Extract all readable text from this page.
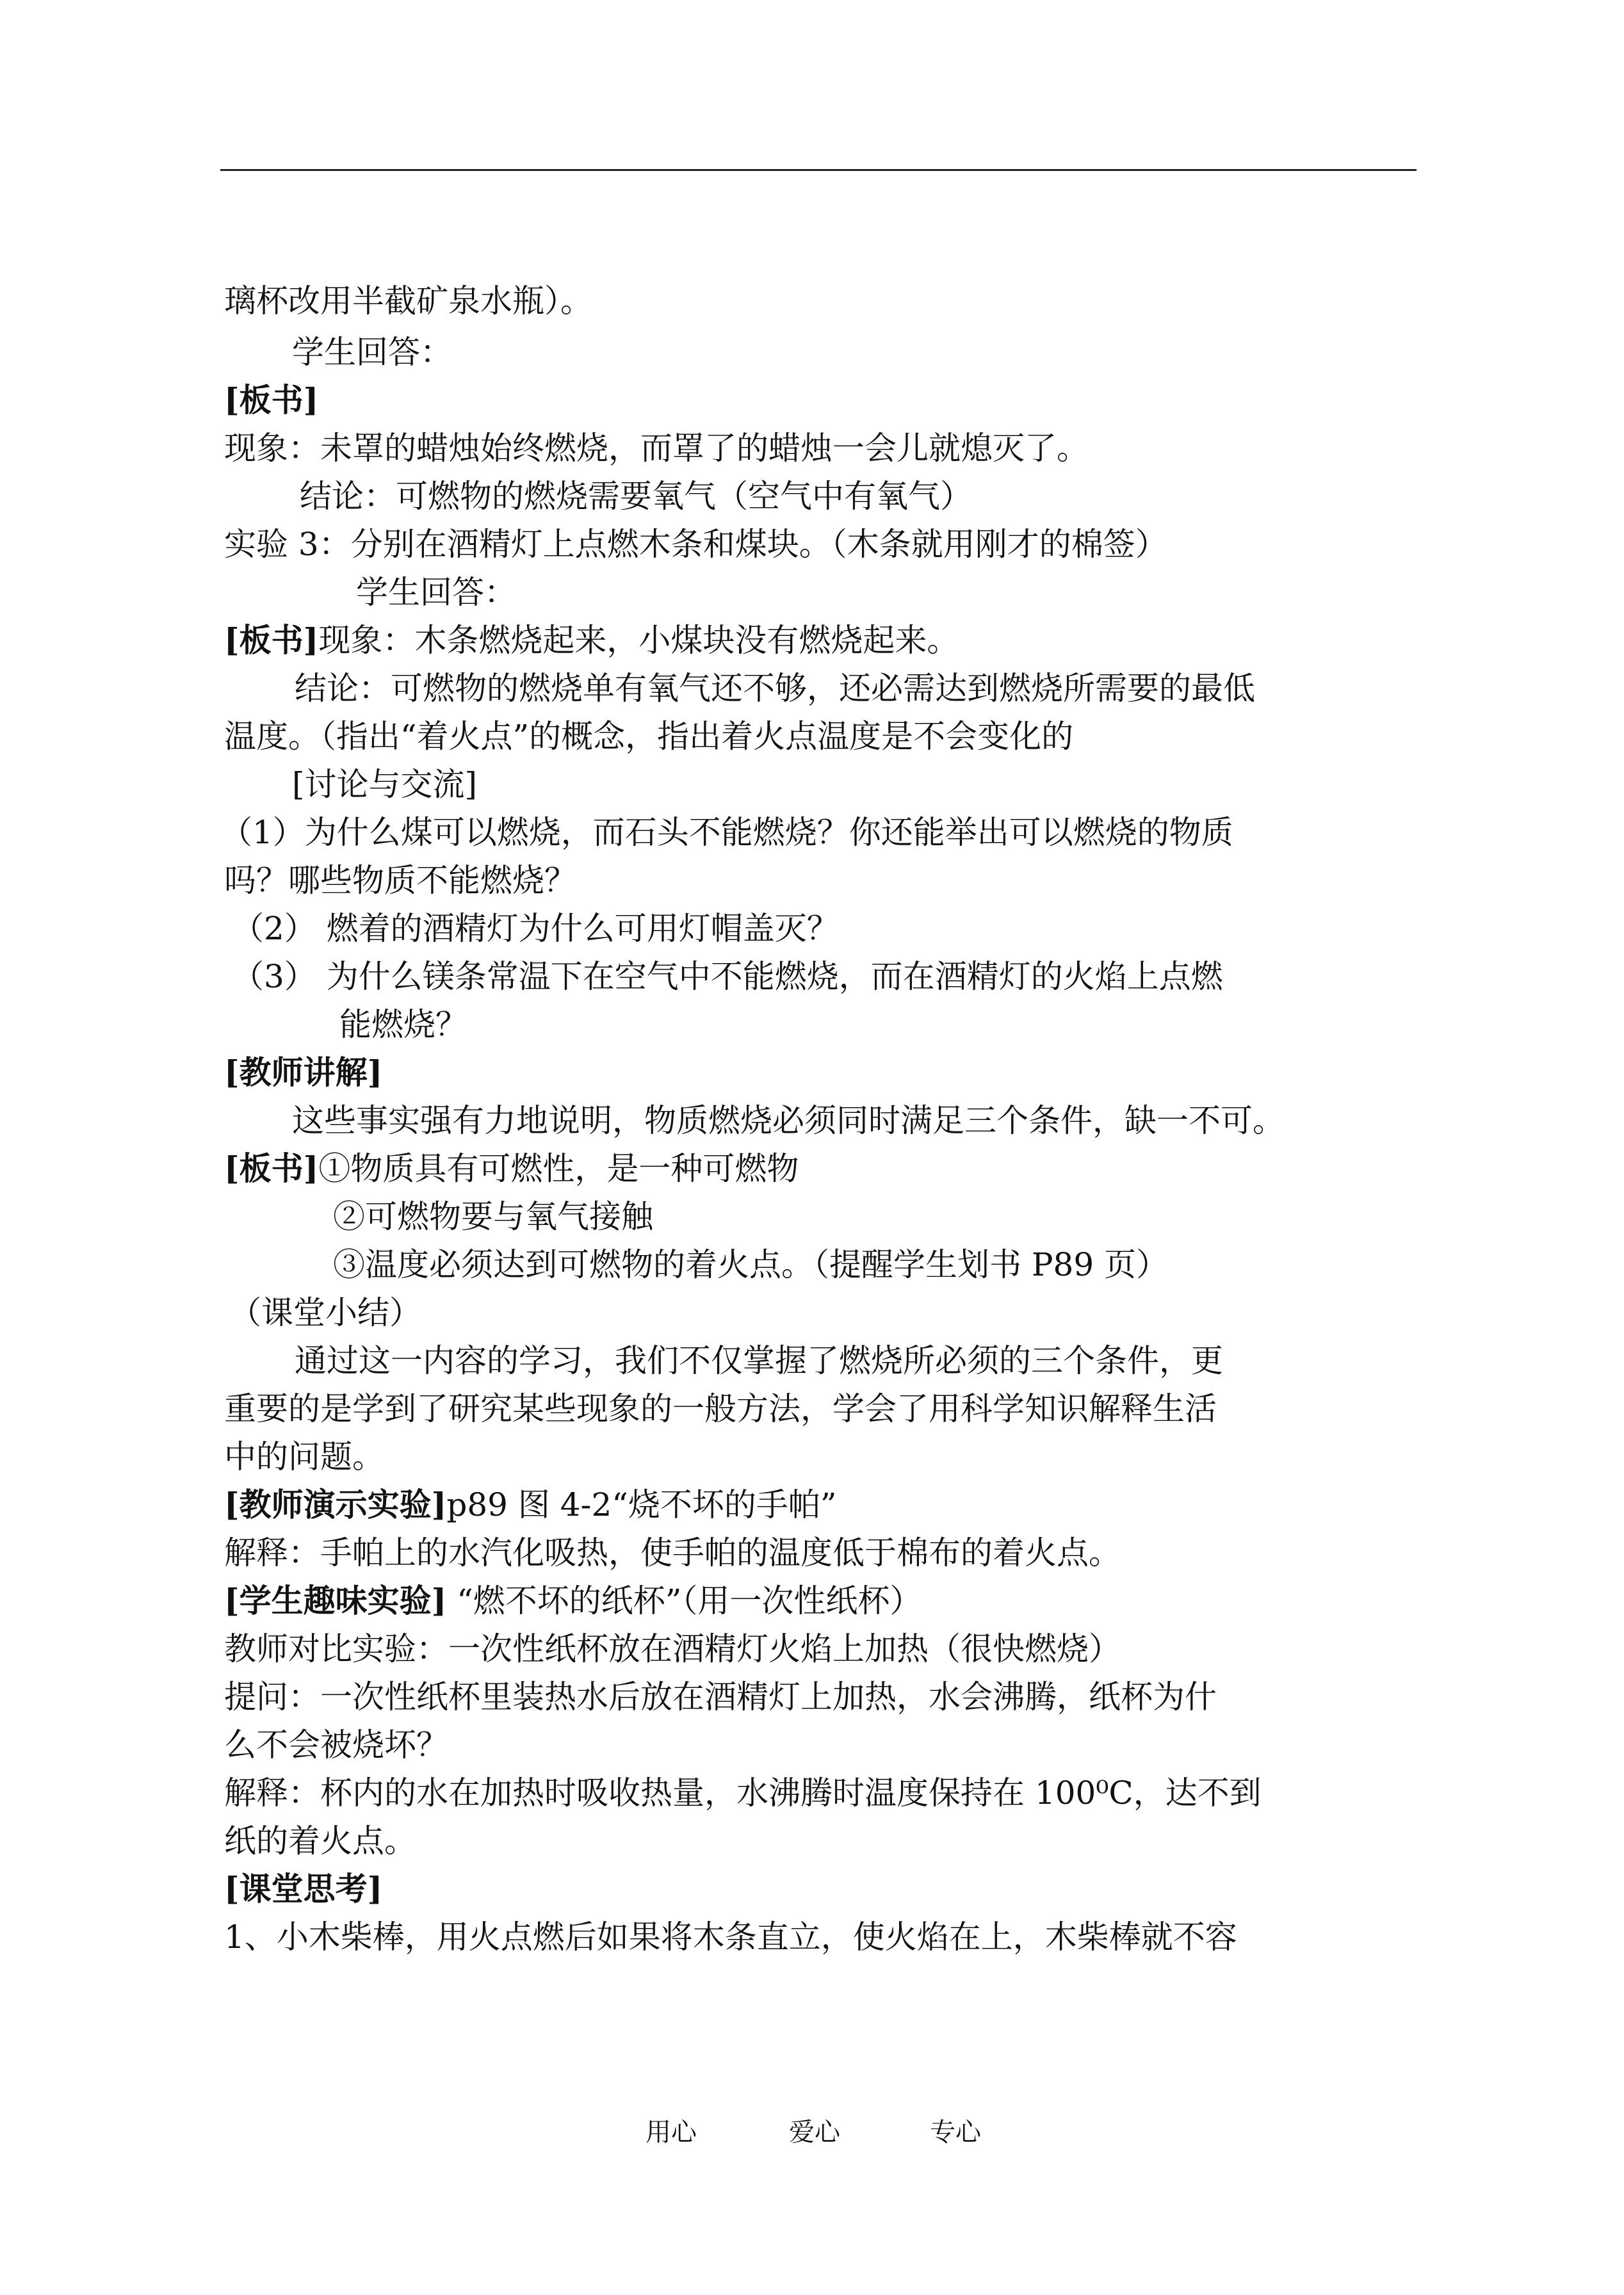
璃杯改用半截矿泉水瓶）。
学生回答：
[板书]
现象：未罩的蜡烛始终燃烧，而罩了的蜡烛一会儿就熄灭了。
结论：可燃物的燃烧需要氧气（空气中有氧气）
实验 3：分别在酒精灯上点燃木条和煤块。（木条就用刚才的棉签）
学生回答：
[板书]现象：木条燃烧起来，小煤块没有燃烧起来。
结论：可燃物的燃烧单有氧气还不够，还必需达到燃烧所需要的最低
温度。（指出“着火点”的概念，指出着火点温度是不会变化的
[讨论与交流]
（1）为什么煤可以燃烧，而石头不能燃烧？你还能举出可以燃烧的物质
吗？哪些物质不能燃烧？
（2） 燃着的酒精灯为什么可用灯帽盖灭？
（3） 为什么镁条常温下在空气中不能燃烧，而在酒精灯的火焰上点燃
能燃烧？
[教师讲解]
这些事实强有力地说明，物质燃烧必须同时满足三个条件，缺一不可。
[板书]①物质具有可燃性，是一种可燃物
②可燃物要与氧气接触
③温度必须达到可燃物的着火点。（提醒学生划书 P89 页）
（课堂小结）
通过这一内容的学习，我们不仅掌握了燃烧所必须的三个条件，更
重要的是学到了研究某些现象的一般方法，学会了用科学知识解释生活
中的问题。
[教师演示实验]p89 图 4-2“烧不坏的手帕”
解释：手帕上的水汽化吸热，使手帕的温度低于棉布的着火点。
[学生趣味实验] “燃不坏的纸杯”（用一次性纸杯）
教师对比实验：一次性纸杯放在酒精灯火焰上加热（很快燃烧）
提问：一次性纸杯里装热水后放在酒精灯上加热，水会沸腾，纸杯为什
么不会被烧坏？
解释：杯内的水在加热时吸收热量，水沸腾时温度保持在 100⁰C，达不到
纸的着火点。
[课堂思考]
1、小木柴棒，用火点燃后如果将木条直立，使火焰在上，木柴棒就不容
用心	爱心	专心
